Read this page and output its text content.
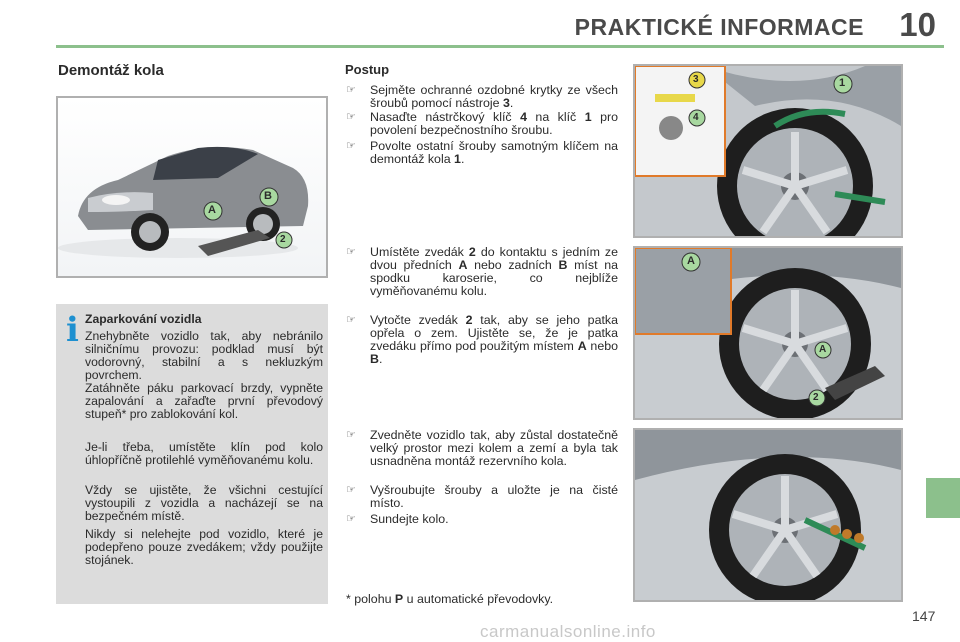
PRAKTICKÉ INFORMACE 10
Demontáž kola
A
B
2
i Zaparkování vozidla
Znehybněte vozidlo tak, aby nebránilo silničnímu provozu: podklad musí být vodorovný, stabilní a s nekluzkým povrchem.
Zatáhněte páku parkovací brzdy, vypněte zapalování a zařaďte první převodový stupeň* pro zablokování kol.
Je-li třeba, umístěte klín pod kolo úhlopříčně protilehlé vyměňovanému kolu.
Vždy se ujistěte, že všichni cestující vystoupili z vozidla a nacházejí se na bezpečném místě.
Nikdy si nelehejte pod vozidlo, které je podepřeno pouze zvedákem; vždy použijte stojánek.
Postup
☞	Sejměte ochranné ozdobné krytky ze všech šroubů pomocí nástroje 3.
☞	Nasaďte nástrčkový klíč 4 na klíč 1 pro povolení bezpečnostního šroubu.
☞	Povolte ostatní šrouby samotným klíčem na demontáž kola 1.
☞	Umístěte zvedák 2 do kontaktu s jedním ze dvou předních A nebo zadních B míst na spodku karoserie, co nejblíže vyměňovanému kolu.
☞	Vytočte zvedák 2 tak, aby se jeho patka opřela o zem. Ujistěte se, že je patka zvedáku přímo pod použitým místem A nebo B.
☞	Zvedněte vozidlo tak, aby zůstal dostatečně velký prostor mezi kolem a zemí a byla tak usnadněna montáž rezervního kola.
☞	Vyšroubujte šrouby a uložte je na čisté místo.
☞	Sundejte kolo.
* polohu P u automatické převodovky.
3
4
1
A
A
2
147
carmanualsonline.info
